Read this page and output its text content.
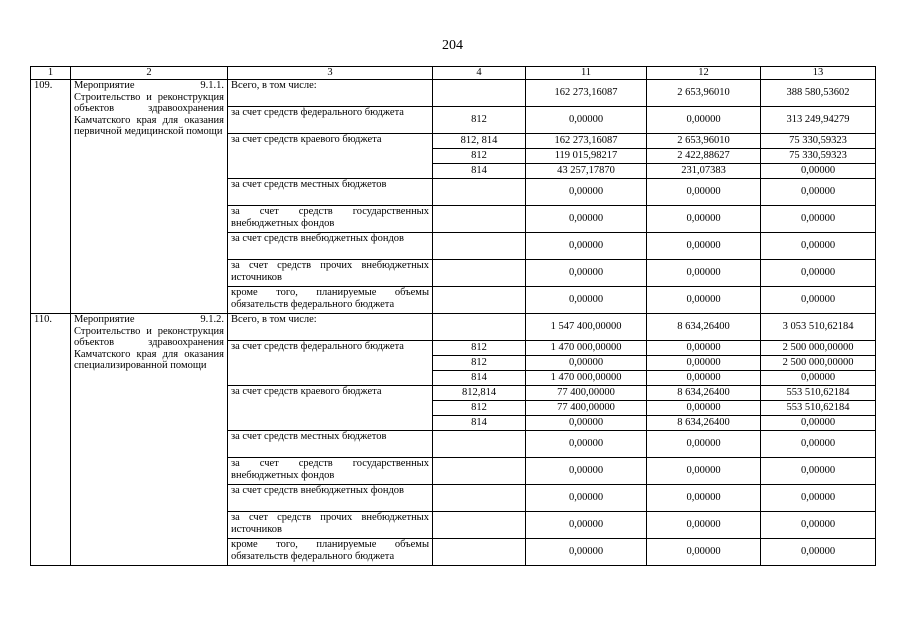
204
1	2	3	4	11	12	13
109.	Мероприятие 9.1.1. Строительство и реконструкция объектов здравоохранения Камчатского края для оказания первичной медицинской помощи	Всего, в том числе:		162 273,16087	2 653,96010	388 580,53602
		за счет средств федерального бюджета	812	0,00000	0,00000	313 249,94279
		за счет средств краевого бюджета	812, 814	162 273,16087	2 653,96010	75 330,59323
			812	119 015,98217	2 422,88627	75 330,59323
			814	43 257,17870	231,07383	0,00000
		за счет средств местных бюджетов		0,00000	0,00000	0,00000
		за счет средств государственных внебюджетных фондов		0,00000	0,00000	0,00000
		за счет средств внебюджетных фондов		0,00000	0,00000	0,00000
		за счет средств прочих внебюджетных источников		0,00000	0,00000	0,00000
		кроме того, планируемые объемы обязательств федерального бюджета		0,00000	0,00000	0,00000
110.	Мероприятие 9.1.2. Строительство и реконструкция объектов здравоохранения Камчатского края для оказания специализированной помощи	Всего, в том числе:		1 547 400,00000	8 634,26400	3 053 510,62184
		за счет средств федерального бюджета	812	1 470 000,00000	0,00000	2 500 000,00000
			812	0,00000	0,00000	2 500 000,00000
			814	1 470 000,00000	0,00000	0,00000
		за счет средств краевого бюджета	812,814	77 400,00000	8 634,26400	553 510,62184
			812	77 400,00000	0,00000	553 510,62184
			814	0,00000	8 634,26400	0,00000
		за счет средств местных бюджетов		0,00000	0,00000	0,00000
		за счет средств государственных внебюджетных фондов		0,00000	0,00000	0,00000
		за счет средств внебюджетных фондов		0,00000	0,00000	0,00000
		за счет средств прочих внебюджетных источников		0,00000	0,00000	0,00000
		кроме того, планируемые объемы обязательств федерального бюджета		0,00000	0,00000	0,00000
